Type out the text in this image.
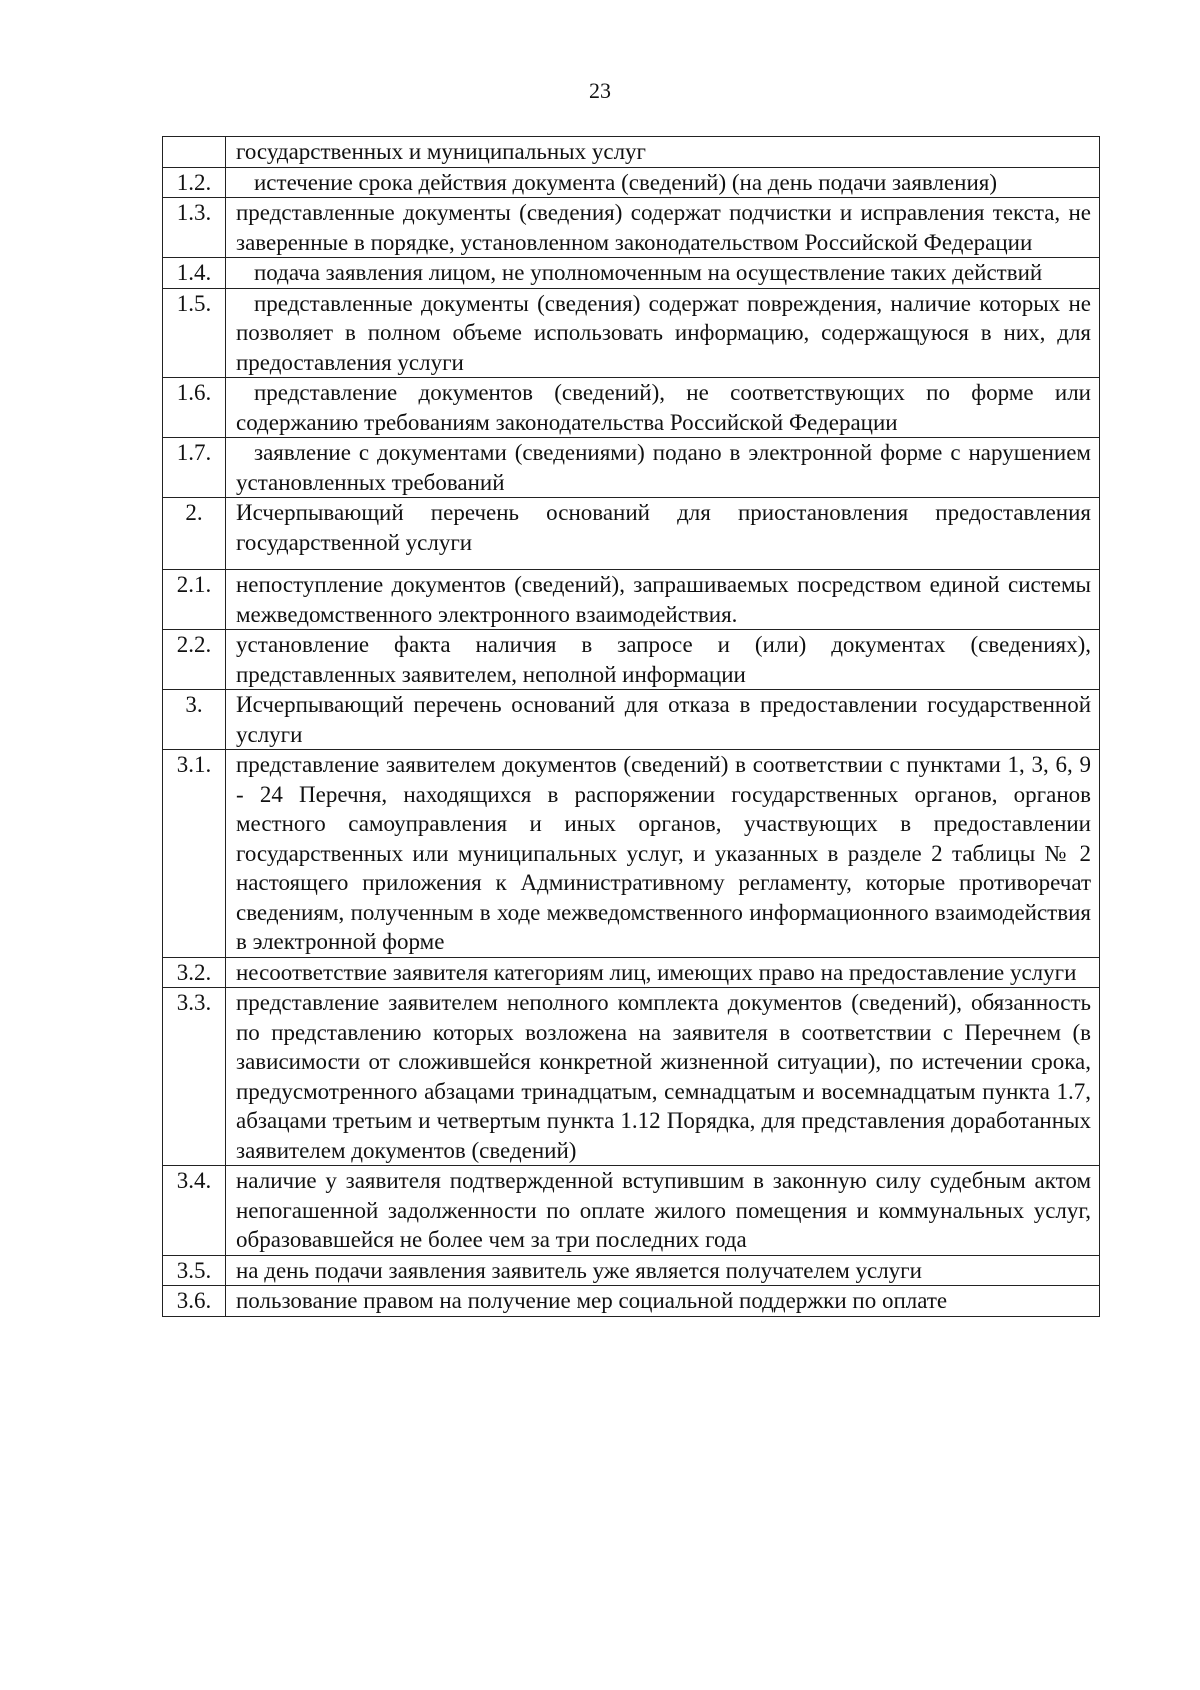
23
	государственных и муниципальных услуг
1.2.	истечение срока действия документа (сведений) (на день подачи заявления)
1.3.	представленные документы (сведения) содержат подчистки и исправления текста, не заверенные в порядке, установленном законодательством Российской Федерации
1.4.	подача заявления лицом, не уполномоченным на осуществление таких действий
1.5.	представленные документы (сведения) содержат повреждения, наличие которых не позволяет в полном объеме использовать информацию, содержащуюся в них, для предоставления услуги
1.6.	представление документов (сведений), не соответствующих по форме или содержанию требованиям законодательства Российской Федерации
1.7.	заявление с документами (сведениями) подано в электронной форме с нарушением установленных требований
2.	Исчерпывающий перечень оснований для приостановления предоставления государственной услуги
2.1.	непоступление документов (сведений), запрашиваемых посредством единой системы межведомственного электронного взаимодействия.
2.2.	установление факта наличия в запросе и (или) документах (сведениях), представленных заявителем, неполной информации
3.	Исчерпывающий перечень оснований для отказа в предоставлении государственной услуги
3.1.	представление заявителем документов (сведений) в соответствии с пунктами 1, 3, 6, 9 - 24 Перечня, находящихся в распоряжении государственных органов, органов местного самоуправления и иных органов, участвующих в предоставлении государственных или муниципальных услуг, и указанных в разделе 2 таблицы № 2 настоящего приложения к Административному регламенту, которые противоречат сведениям, полученным в ходе межведомственного информационного взаимодействия в электронной форме
3.2.	несоответствие заявителя категориям лиц, имеющих право на предоставление услуги
3.3.	представление заявителем неполного комплекта документов (сведений), обязанность по представлению которых возложена на заявителя в соответствии с Перечнем (в зависимости от сложившейся конкретной жизненной ситуации), по истечении срока, предусмотренного абзацами тринадцатым, семнадцатым и восемнадцатым пункта 1.7, абзацами третьим и четвертым пункта 1.12 Порядка, для представления доработанных заявителем документов (сведений)
3.4.	наличие у заявителя подтвержденной вступившим в законную силу судебным актом непогашенной задолженности по оплате жилого помещения и коммунальных услуг, образовавшейся не более чем за три последних года
3.5.	на день подачи заявления заявитель уже является получателем услуги
3.6.	пользование правом на получение мер социальной поддержки по оплате
